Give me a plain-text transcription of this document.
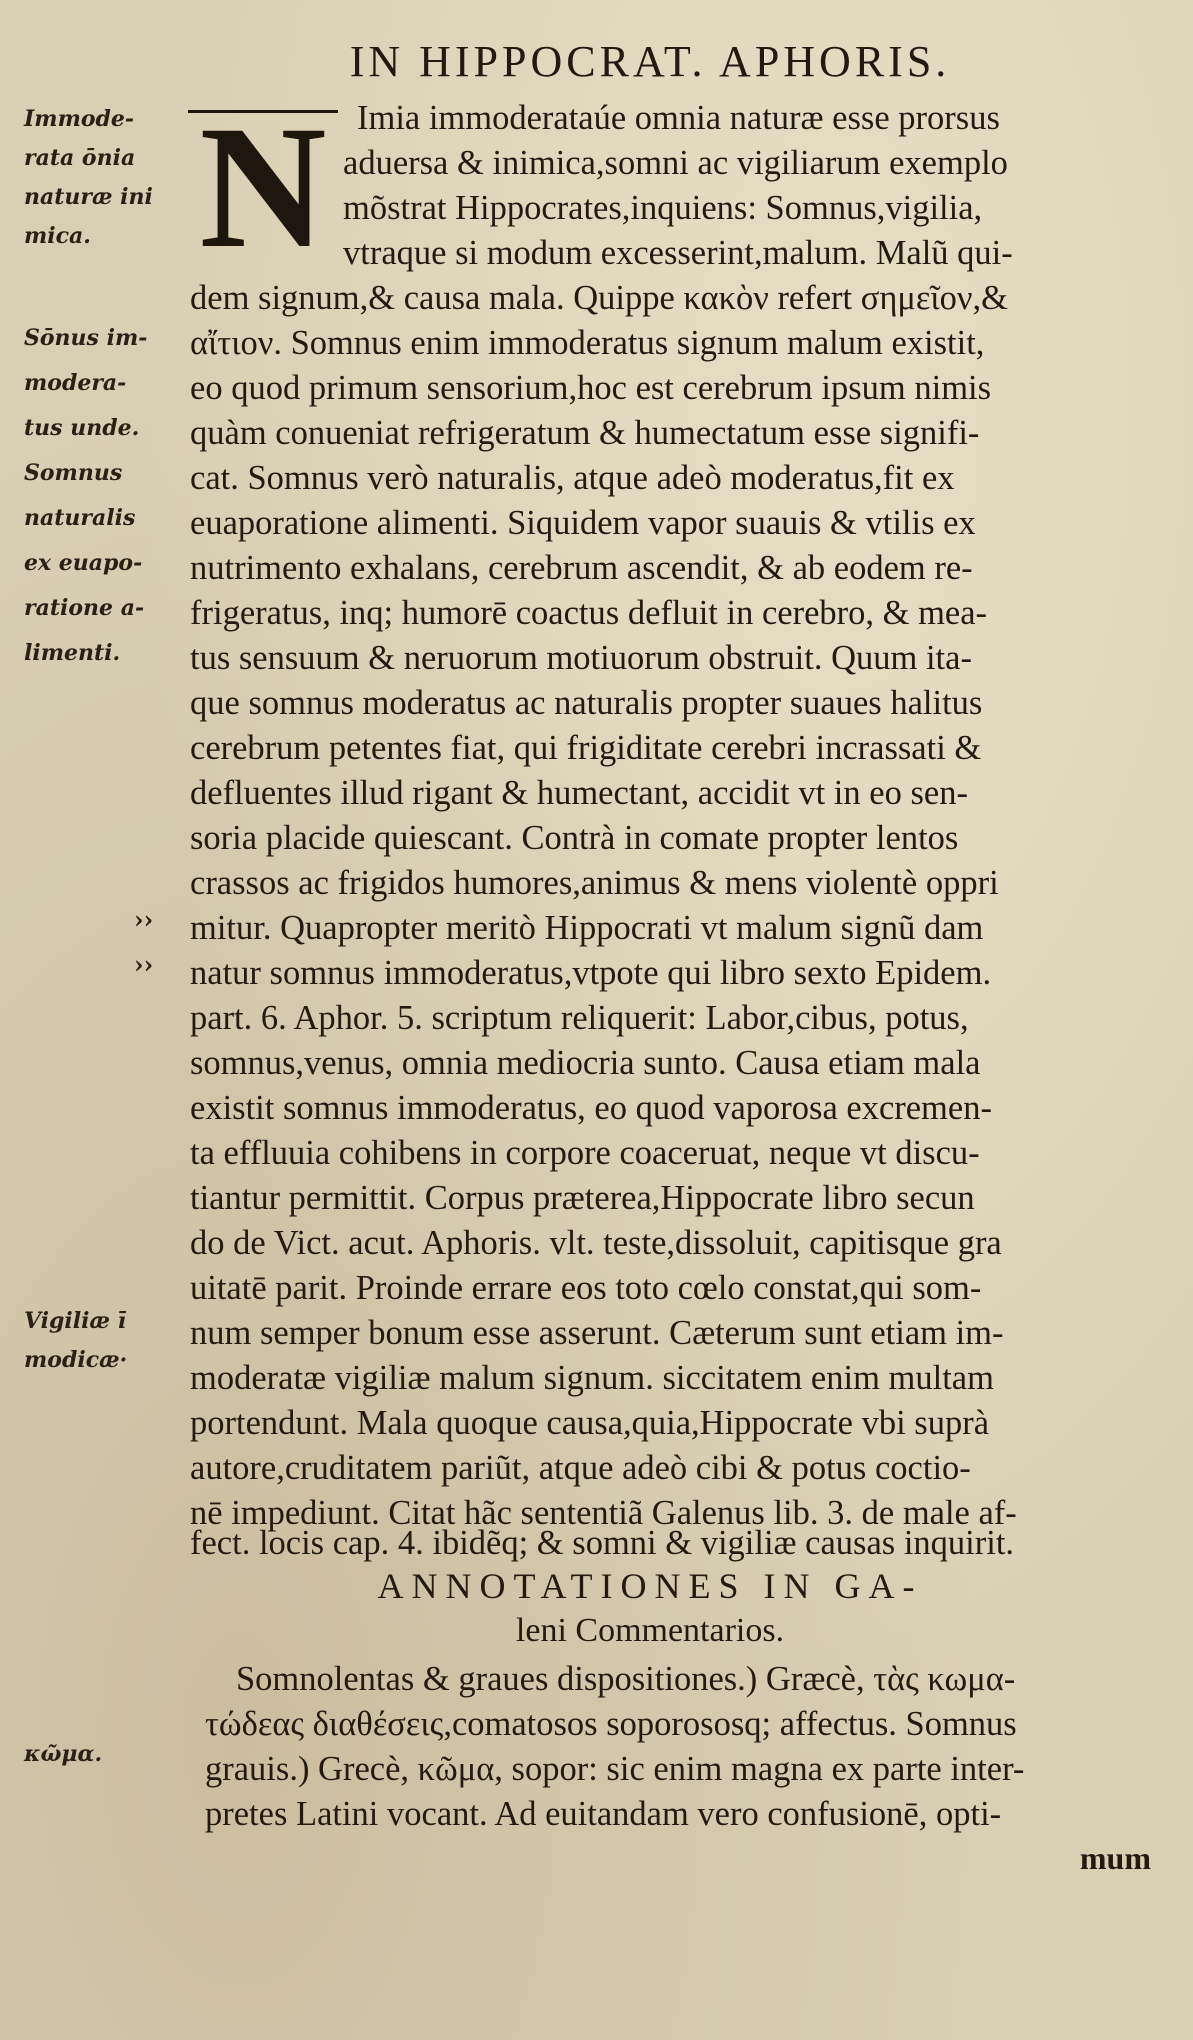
IN HIPPOCRAT. APHORIS.
N
Immode-
rata ōnia
naturæ ini
mica.
Sōnus im-
modera-
tus unde.
Somnus
naturalis
ex euapo-
ratione a-
limenti.
Vigiliæ ī
modicæ·
κῶμα.
››
››
Imia immoderataúe omnia naturæ esse prorsus
aduersa & inimica,somni ac vigiliarum exemplo
mõstrat Hippocrates,inquiens: Somnus,vigilia,
vtraque si modum excesserint,malum. Malũ qui-
dem signum,& causa mala. Quippe κακὸν refert σημεῖον,&
αἴτιον. Somnus enim immoderatus signum malum existit,
eo quod primum sensorium,hoc est cerebrum ipsum nimis
quàm conueniat refrigeratum & humectatum esse signifi-
cat. Somnus verò naturalis, atque adeò moderatus,fit ex
euaporatione alimenti. Siquidem vapor suauis & vtilis ex
nutrimento exhalans, cerebrum ascendit, & ab eodem re-
frigeratus, inq; humorē coactus defluit in cerebro, & mea-
tus sensuum & neruorum motiuorum obstruit. Quum ita-
que somnus moderatus ac naturalis propter suaues halitus
cerebrum petentes fiat, qui frigiditate cerebri incrassati &
defluentes illud rigant & humectant, accidit vt in eo sen-
soria placide quiescant. Contrà in comate propter lentos
crassos ac frigidos humores,animus & mens violentè oppri
mitur. Quapropter meritò Hippocrati vt malum signũ dam
natur somnus immoderatus,vtpote qui libro sexto Epidem.
part. 6. Aphor. 5. scriptum reliquerit: Labor,cibus, potus,
somnus,venus, omnia mediocria sunto. Causa etiam mala
existit somnus immoderatus, eo quod vaporosa excremen-
ta effluuia cohibens in corpore coaceruat, neque vt discu-
tiantur permittit. Corpus præterea,Hippocrate libro secun
do de Vict. acut. Aphoris. vlt. teste,dissoluit, capitisque gra
uitatē parit. Proinde errare eos toto cœlo constat,qui som-
num semper bonum esse asserunt. Cæterum sunt etiam im-
moderatæ vigiliæ malum signum. siccitatem enim multam
portendunt. Mala quoque causa,quia,Hippocrate vbi suprà
autore,cruditatem pariũt, atque adeò cibi & potus coctio-
nē impediunt. Citat hãc sententiã Galenus lib. 3. de male af-
fect. locis cap. 4. ibidẽq; & somni & vigiliæ causas inquirit.
ANNOTATIONES IN GA-
leni Commentarios.
Somnolentas & graues dispositiones.) Græcè, τὰς κωμα-
τώδεας διαθέσεις,comatosos soporososq; affectus. Somnus
grauis.) Grecè, κῶμα, sopor: sic enim magna ex parte inter-
pretes Latini vocant. Ad euitandam vero confusionē, opti-
mum
